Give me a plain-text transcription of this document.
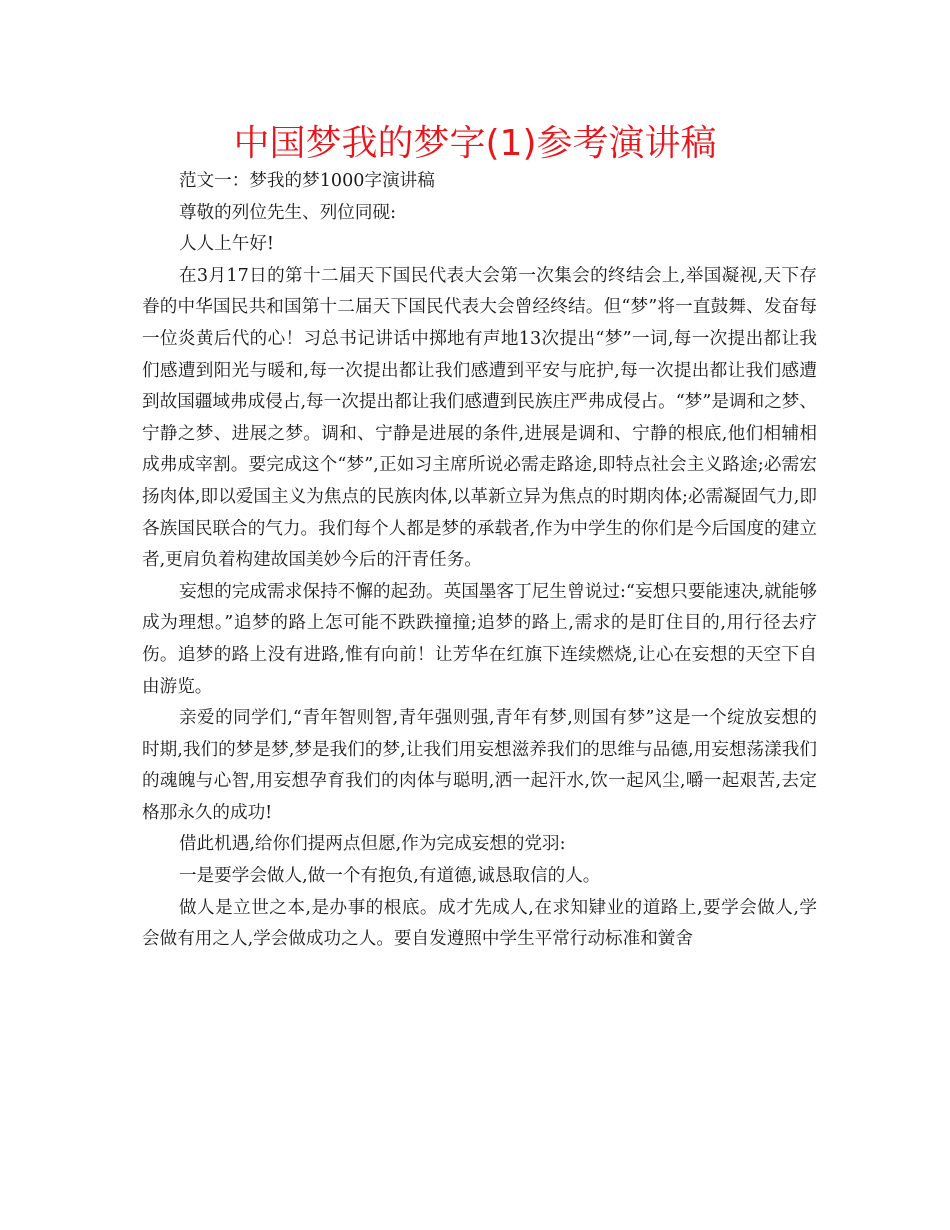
中国梦我的梦字(1)参考演讲稿

范文一：梦我的梦1000字演讲稿

尊敬的列位先生、列位同砚:

人人上午好!

在3月17日的第十二届天下国民代表大会第一次集会的终结会上,举国凝视,天下存眷的中华国民共和国第十二届天下国民代表大会曾经终结。但“梦”将一直鼓舞、发奋每一位炎黄后代的心！习总书记讲话中掷地有声地13次提出“梦”一词,每一次提出都让我们感遭到阳光与暖和,每一次提出都让我们感遭到平安与庇护,每一次提出都让我们感遭到故国疆域弗成侵占,每一次提出都让我们感遭到民族庄严弗成侵占。“梦”是调和之梦、宁静之梦、进展之梦。调和、宁静是进展的条件,进展是调和、宁静的根底,他们相辅相成弗成宰割。要完成这个“梦”,正如习主席所说必需走路途,即特点社会主义路途;必需宏扬肉体,即以爱国主义为焦点的民族肉体,以革新立异为焦点的时期肉体;必需凝固气力,即各族国民联合的气力。我们每个人都是梦的承载者,作为中学生的你们是今后国度的建立者,更肩负着构建故国美妙今后的汗青任务。

妄想的完成需求保持不懈的起劲。英国墨客丁尼生曾说过:“妄想只要能速决,就能够成为理想。”追梦的路上怎可能不跌跌撞撞;追梦的路上,需求的是盯住目的,用行径去疗伤。追梦的路上没有进路,惟有向前！让芳华在红旗下连续燃烧,让心在妄想的天空下自由游览。

亲爱的同学们,“青年智则智,青年强则强,青年有梦,则国有梦”这是一个绽放妄想的时期,我们的梦是梦,梦是我们的梦,让我们用妄想滋养我们的思维与品德,用妄想荡漾我们的魂魄与心智,用妄想孕育我们的肉体与聪明,洒一起汗水,饮一起风尘,嚼一起艰苦,去定格那永久的成功!

借此机遇,给你们提两点但愿,作为完成妄想的党羽:

一是要学会做人,做一个有抱负,有道德,诚恳取信的人。

做人是立世之本,是办事的根底。成才先成人,在求知肄业的道路上,要学会做人,学会做有用之人,学会做成功之人。要自发遵照中学生平常行动标准和黉舍
